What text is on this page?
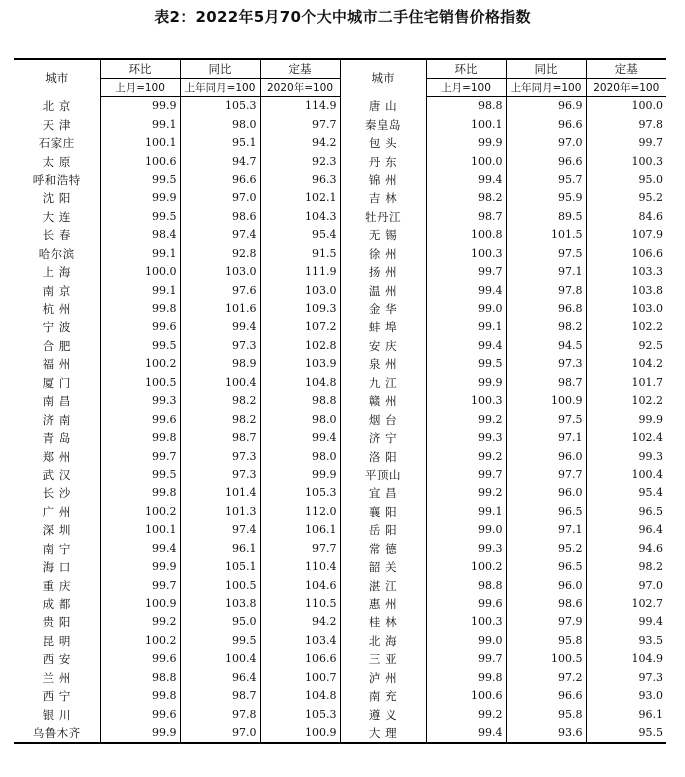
表2：2022年5月70个大中城市二手住宅销售价格指数
城市	环比	同比	定基	城市	环比	同比	定基
	上月=100	上年同月=100	2020年=100		上月=100	上年同月=100	2020年=100
北 京	99.9	105.3	114.9	唐 山	98.8	96.9	100.0
天 津	99.1	98.0	97.7	秦皇岛	100.1	96.6	97.8
石家庄	100.1	95.1	94.2	包 头	99.9	97.0	99.7
太 原	100.6	94.7	92.3	丹 东	100.0	96.6	100.3
呼和浩特	99.5	96.6	96.3	锦 州	99.4	95.7	95.0
沈 阳	99.9	97.0	102.1	吉 林	98.2	95.9	95.2
大 连	99.5	98.6	104.3	牡丹江	98.7	89.5	84.6
长 春	98.4	97.4	95.4	无 锡	100.8	101.5	107.9
哈尔滨	99.1	92.8	91.5	徐 州	100.3	97.5	106.6
上 海	100.0	103.0	111.9	扬 州	99.7	97.1	103.3
南 京	99.1	97.6	103.0	温 州	99.4	97.8	103.8
杭 州	99.8	101.6	109.3	金 华	99.0	96.8	103.0
宁 波	99.6	99.4	107.2	蚌 埠	99.1	98.2	102.2
合 肥	99.5	97.3	102.8	安 庆	99.4	94.5	92.5
福 州	100.2	98.9	103.9	泉 州	99.5	97.3	104.2
厦 门	100.5	100.4	104.8	九 江	99.9	98.7	101.7
南 昌	99.3	98.2	98.8	赣 州	100.3	100.9	102.2
济 南	99.6	98.2	98.0	烟 台	99.2	97.5	99.9
青 岛	99.8	98.7	99.4	济 宁	99.3	97.1	102.4
郑 州	99.7	97.3	98.0	洛 阳	99.2	96.0	99.3
武 汉	99.5	97.3	99.9	平顶山	99.7	97.7	100.4
长 沙	99.8	101.4	105.3	宜 昌	99.2	96.0	95.4
广 州	100.2	101.3	112.0	襄 阳	99.1	96.5	96.5
深 圳	100.1	97.4	106.1	岳 阳	99.0	97.1	96.4
南 宁	99.4	96.1	97.7	常 德	99.3	95.2	94.6
海 口	99.9	105.1	110.4	韶 关	100.2	96.5	98.2
重 庆	99.7	100.5	104.6	湛 江	98.8	96.0	97.0
成 都	100.9	103.8	110.5	惠 州	99.6	98.6	102.7
贵 阳	99.2	95.0	94.2	桂 林	100.3	97.9	99.4
昆 明	100.2	99.5	103.4	北 海	99.0	95.8	93.5
西 安	99.6	100.4	106.6	三 亚	99.7	100.5	104.9
兰 州	98.8	96.4	100.7	泸 州	99.8	97.2	97.3
西 宁	99.8	98.7	104.8	南 充	100.6	96.6	93.0
银 川	99.6	97.8	105.3	遵 义	99.2	95.8	96.1
乌鲁木齐	99.9	97.0	100.9	大 理	99.4	93.6	95.5
